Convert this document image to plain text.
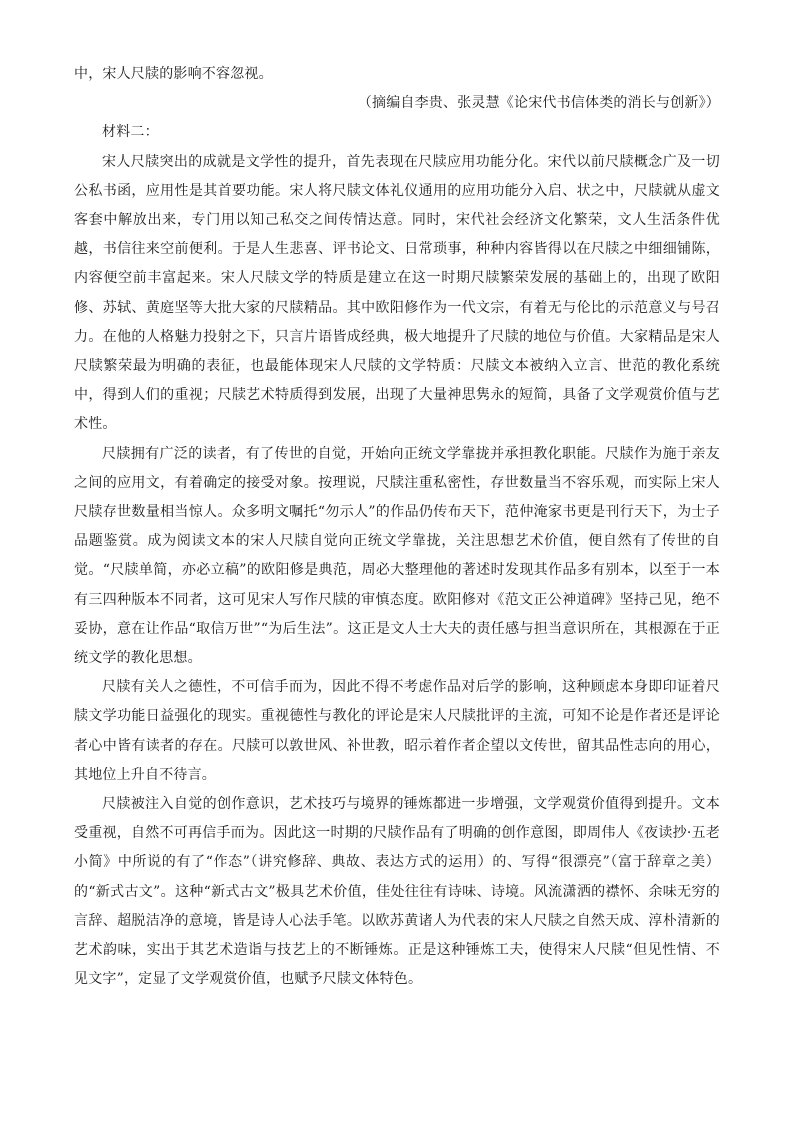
中，宋人尺牍的影响不容忽视。

（摘编自李贵、张灵慧《论宋代书信体类的消长与创新》）

材料二：

宋人尺牍突出的成就是文学性的提升，首先表现在尺牍应用功能分化。宋代以前尺牍概念广及一切公私书函，应用性是其首要功能。宋人将尺牍文体礼仪通用的应用功能分入启、状之中，尺牍就从虚文客套中解放出来，专门用以知己私交之间传情达意。同时，宋代社会经济文化繁荣，文人生活条件优越，书信往来空前便利。于是人生悲喜、评书论文、日常琐事，种种内容皆得以在尺牍之中细细铺陈，内容便空前丰富起来。宋人尺牍文学的特质是建立在这一时期尺牍繁荣发展的基础上的，出现了欧阳修、苏轼、黄庭坚等大批大家的尺牍精品。其中欧阳修作为一代文宗，有着无与伦比的示范意义与号召力。在他的人格魅力投射之下，只言片语皆成经典，极大地提升了尺牍的地位与价值。大家精品是宋人尺牍繁荣最为明确的表征，也最能体现宋人尺牍的文学特质：尺牍文本被纳入立言、世范的教化系统中，得到人们的重视；尺牍艺术特质得到发展，出现了大量神思隽永的短简，具备了文学观赏价值与艺术性。

尺牍拥有广泛的读者，有了传世的自觉，开始向正统文学靠拢并承担教化职能。尺牍作为施于亲友之间的应用文，有着确定的接受对象。按理说，尺牍注重私密性，存世数量当不容乐观，而实际上宋人尺牍存世数量相当惊人。众多明文嘱托“勿示人”的作品仍传布天下，范仲淹家书更是刊行天下，为士子品题鉴赏。成为阅读文本的宋人尺牍自觉向正统文学靠拢，关注思想艺术价值，便自然有了传世的自觉。“尺牍单简，亦必立稿”的欧阳修是典范，周必大整理他的著述时发现其作品多有别本，以至于一本有三四种版本不同者，这可见宋人写作尺牍的审慎态度。欧阳修对《范文正公神道碑》坚持己见，绝不妥协，意在让作品“取信万世”“为后生法”。这正是文人士大夫的责任感与担当意识所在，其根源在于正统文学的教化思想。

尺牍有关人之德性，不可信手而为，因此不得不考虑作品对后学的影响，这种顾虑本身即印证着尺牍文学功能日益强化的现实。重视德性与教化的评论是宋人尺牍批评的主流，可知不论是作者还是评论者心中皆有读者的存在。尺牍可以敦世风、补世教，昭示着作者企望以文传世，留其品性志向的用心，其地位上升自不待言。

尺牍被注入自觉的创作意识，艺术技巧与境界的锤炼都进一步增强，文学观赏价值得到提升。文本受重视，自然不可再信手而为。因此这一时期的尺牍作品有了明确的创作意图，即周伟人《夜读抄·五老小简》中所说的有了“作态”（讲究修辞、典故、表达方式的运用）的、写得“很漂亮”（富于辞章之美）的“新式古文”。这种“新式古文”极具艺术价值，佳处往往有诗味、诗境。风流潇洒的襟怀、余味无穷的言辞、超脱洁净的意境，皆是诗人心法手笔。以欧苏黄诸人为代表的宋人尺牍之自然天成、淳朴清新的艺术韵味，实出于其艺术造诣与技艺上的不断锤炼。正是这种锤炼工夫，使得宋人尺牍“但见性情、不见文字”，定显了文学观赏价值，也赋予尺牍文体特色。
